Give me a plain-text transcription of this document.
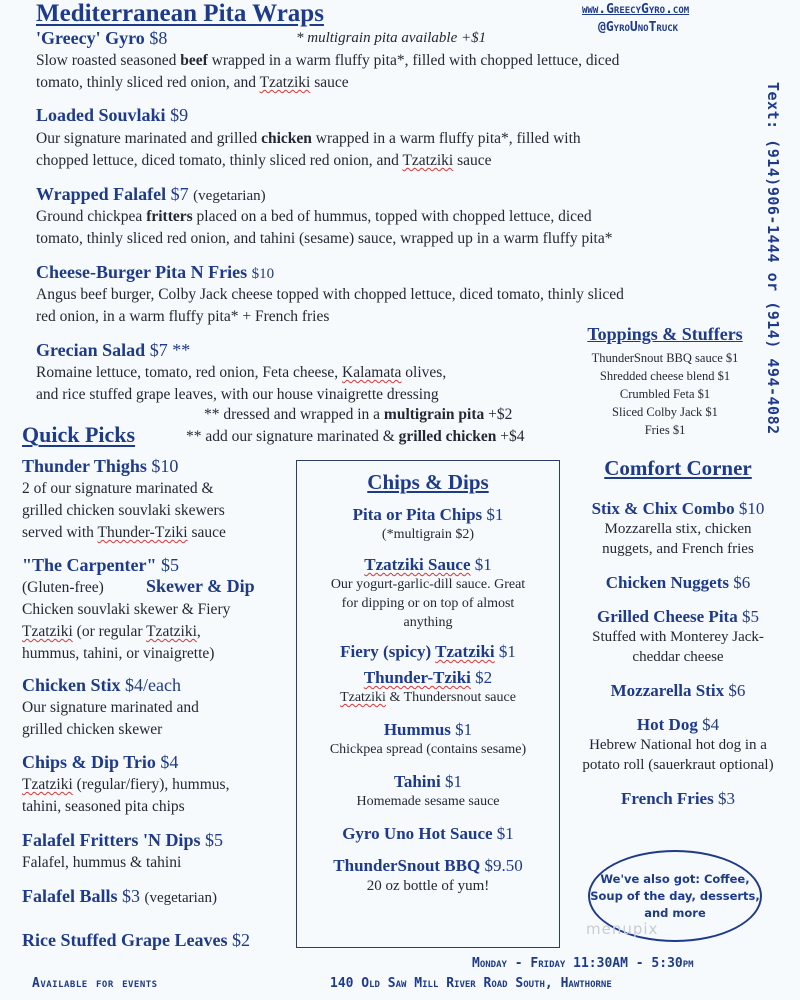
Mediterranean Pita Wraps	www.GreecyGyro.com
@GyroUnoTruck
Text: (914)906-1444 or (914) 494-4082
'Greecy' Gyro $8	* multigrain pita available +$1
Slow roasted seasoned beef wrapped in a warm fluffy pita*, filled with chopped lettuce, diced
tomato, thinly sliced red onion, and Tzatziki sauce
Loaded Souvlaki $9
Our signature marinated and grilled chicken wrapped in a warm fluffy pita*, filled with
chopped lettuce, diced tomato, thinly sliced red onion, and Tzatziki sauce
Wrapped Falafel $7 (vegetarian)
Ground chickpea fritters placed on a bed of hummus, topped with chopped lettuce, diced
tomato, thinly sliced red onion, and tahini (sesame) sauce, wrapped up in a warm fluffy pita*
Cheese-Burger Pita N Fries $10
Angus beef burger, Colby Jack cheese topped with chopped lettuce, diced tomato, thinly sliced
red onion, in a warm fluffy pita* + French fries
Grecian Salad $7 **
Romaine lettuce, tomato, red onion, Feta cheese, Kalamata olives,
and rice stuffed grape leaves, with our house vinaigrette dressing
** dressed and wrapped in a multigrain pita +$2
Toppings & Stuffers
ThunderSnout BBQ sauce $1
Shredded cheese blend $1
Crumbled Feta $1
Sliced Colby Jack $1
Fries $1
Quick Picks	** add our signature marinated & grilled chicken +$4
Thunder Thighs $10
2 of our signature marinated &
grilled chicken souvlaki skewers
served with Thunder-Tziki sauce
"The Carpenter" $5
(Gluten-free) Skewer & Dip
Chicken souvlaki skewer & Fiery
Tzatziki (or regular Tzatziki,
hummus, tahini, or vinaigrette)
Chicken Stix $4/each
Our signature marinated and
grilled chicken skewer
Chips & Dip Trio $4
Tzatziki (regular/fiery), hummus,
tahini, seasoned pita chips
Falafel Fritters 'N Dips $5
Falafel, hummus & tahini
Falafel Balls $3 (vegetarian)
Rice Stuffed Grape Leaves $2
Chips & Dips
Pita or Pita Chips $1
(*multigrain $2)
Tzatziki Sauce $1
Our yogurt-garlic-dill sauce. Great
for dipping or on top of almost
anything
Fiery (spicy) Tzatziki $1
Thunder-Tziki $2
Tzatziki & Thundersnout sauce
Hummus $1
Chickpea spread (contains sesame)
Tahini $1
Homemade sesame sauce
Gyro Uno Hot Sauce $1
ThunderSnout BBQ $9.50
20 oz bottle of yum!
Comfort Corner
Stix & Chix Combo $10
Mozzarella stix, chicken
nuggets, and French fries
Chicken Nuggets $6
Grilled Cheese Pita $5
Stuffed with Monterey Jack-
cheddar cheese
Mozzarella Stix $6
Hot Dog $4
Hebrew National hot dog in a
potato roll (sauerkraut optional)
French Fries $3
We've also got: Coffee,
Soup of the day, desserts,
and more
menupix
Available for events
Monday - Friday 11:30AM - 5:30pm
140 Old Saw Mill River Road South, Hawthorne
